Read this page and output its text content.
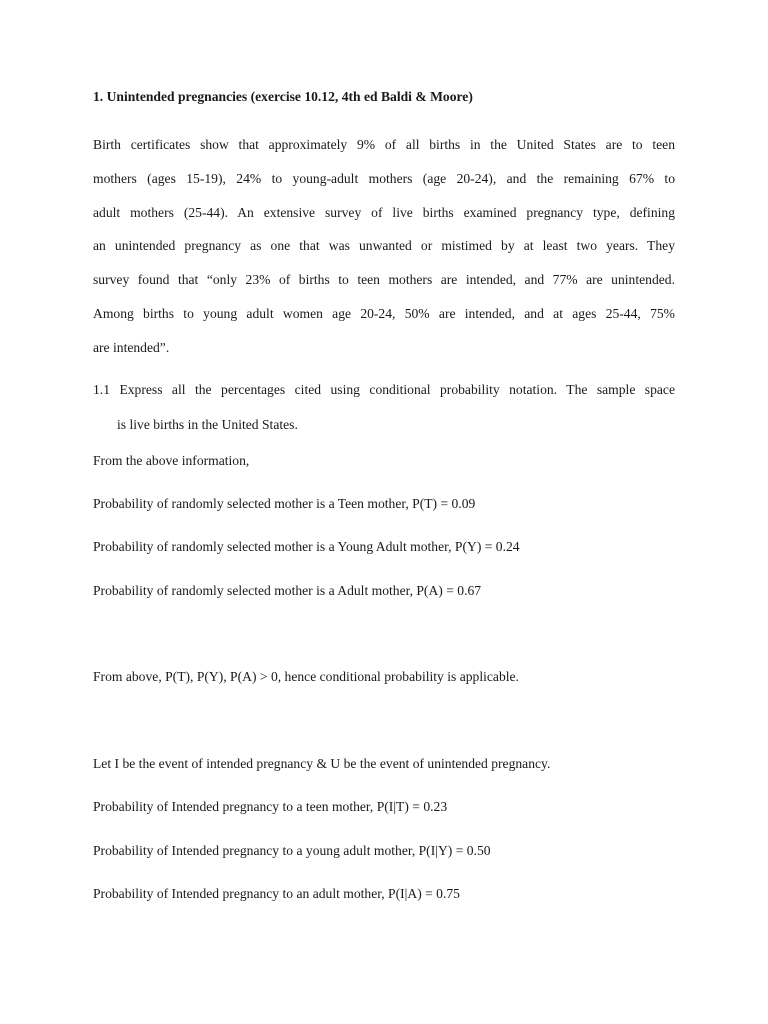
1. Unintended pregnancies (exercise 10.12, 4th ed Baldi & Moore)
Birth certificates show that approximately 9% of all births in the United States are to teen
mothers (ages 15-19), 24% to young-adult mothers (age 20-24), and the remaining 67% to
adult mothers (25-44). An extensive survey of live births examined pregnancy type, defining
an unintended pregnancy as one that was unwanted or mistimed by at least two years. They
survey found that “only 23% of births to teen mothers are intended, and 77% are unintended.
Among births to young adult women age 20-24, 50% are intended, and at ages 25-44, 75%
are intended”.
1.1 Express all the percentages cited using conditional probability notation. The sample space
is live births in the United States.
From the above information,
Probability of randomly selected mother is a Teen mother, P(T) = 0.09
Probability of randomly selected mother is a Young Adult mother, P(Y) = 0.24
Probability of randomly selected mother is a Adult mother, P(A) = 0.67
From above, P(T), P(Y), P(A) > 0, hence conditional probability is applicable.
Let I be the event of intended pregnancy & U be the event of unintended pregnancy.
Probability of Intended pregnancy to a teen mother, P(I|T) = 0.23
Probability of Intended pregnancy to a young adult mother, P(I|Y) = 0.50
Probability of Intended pregnancy to an adult mother, P(I|A) = 0.75
